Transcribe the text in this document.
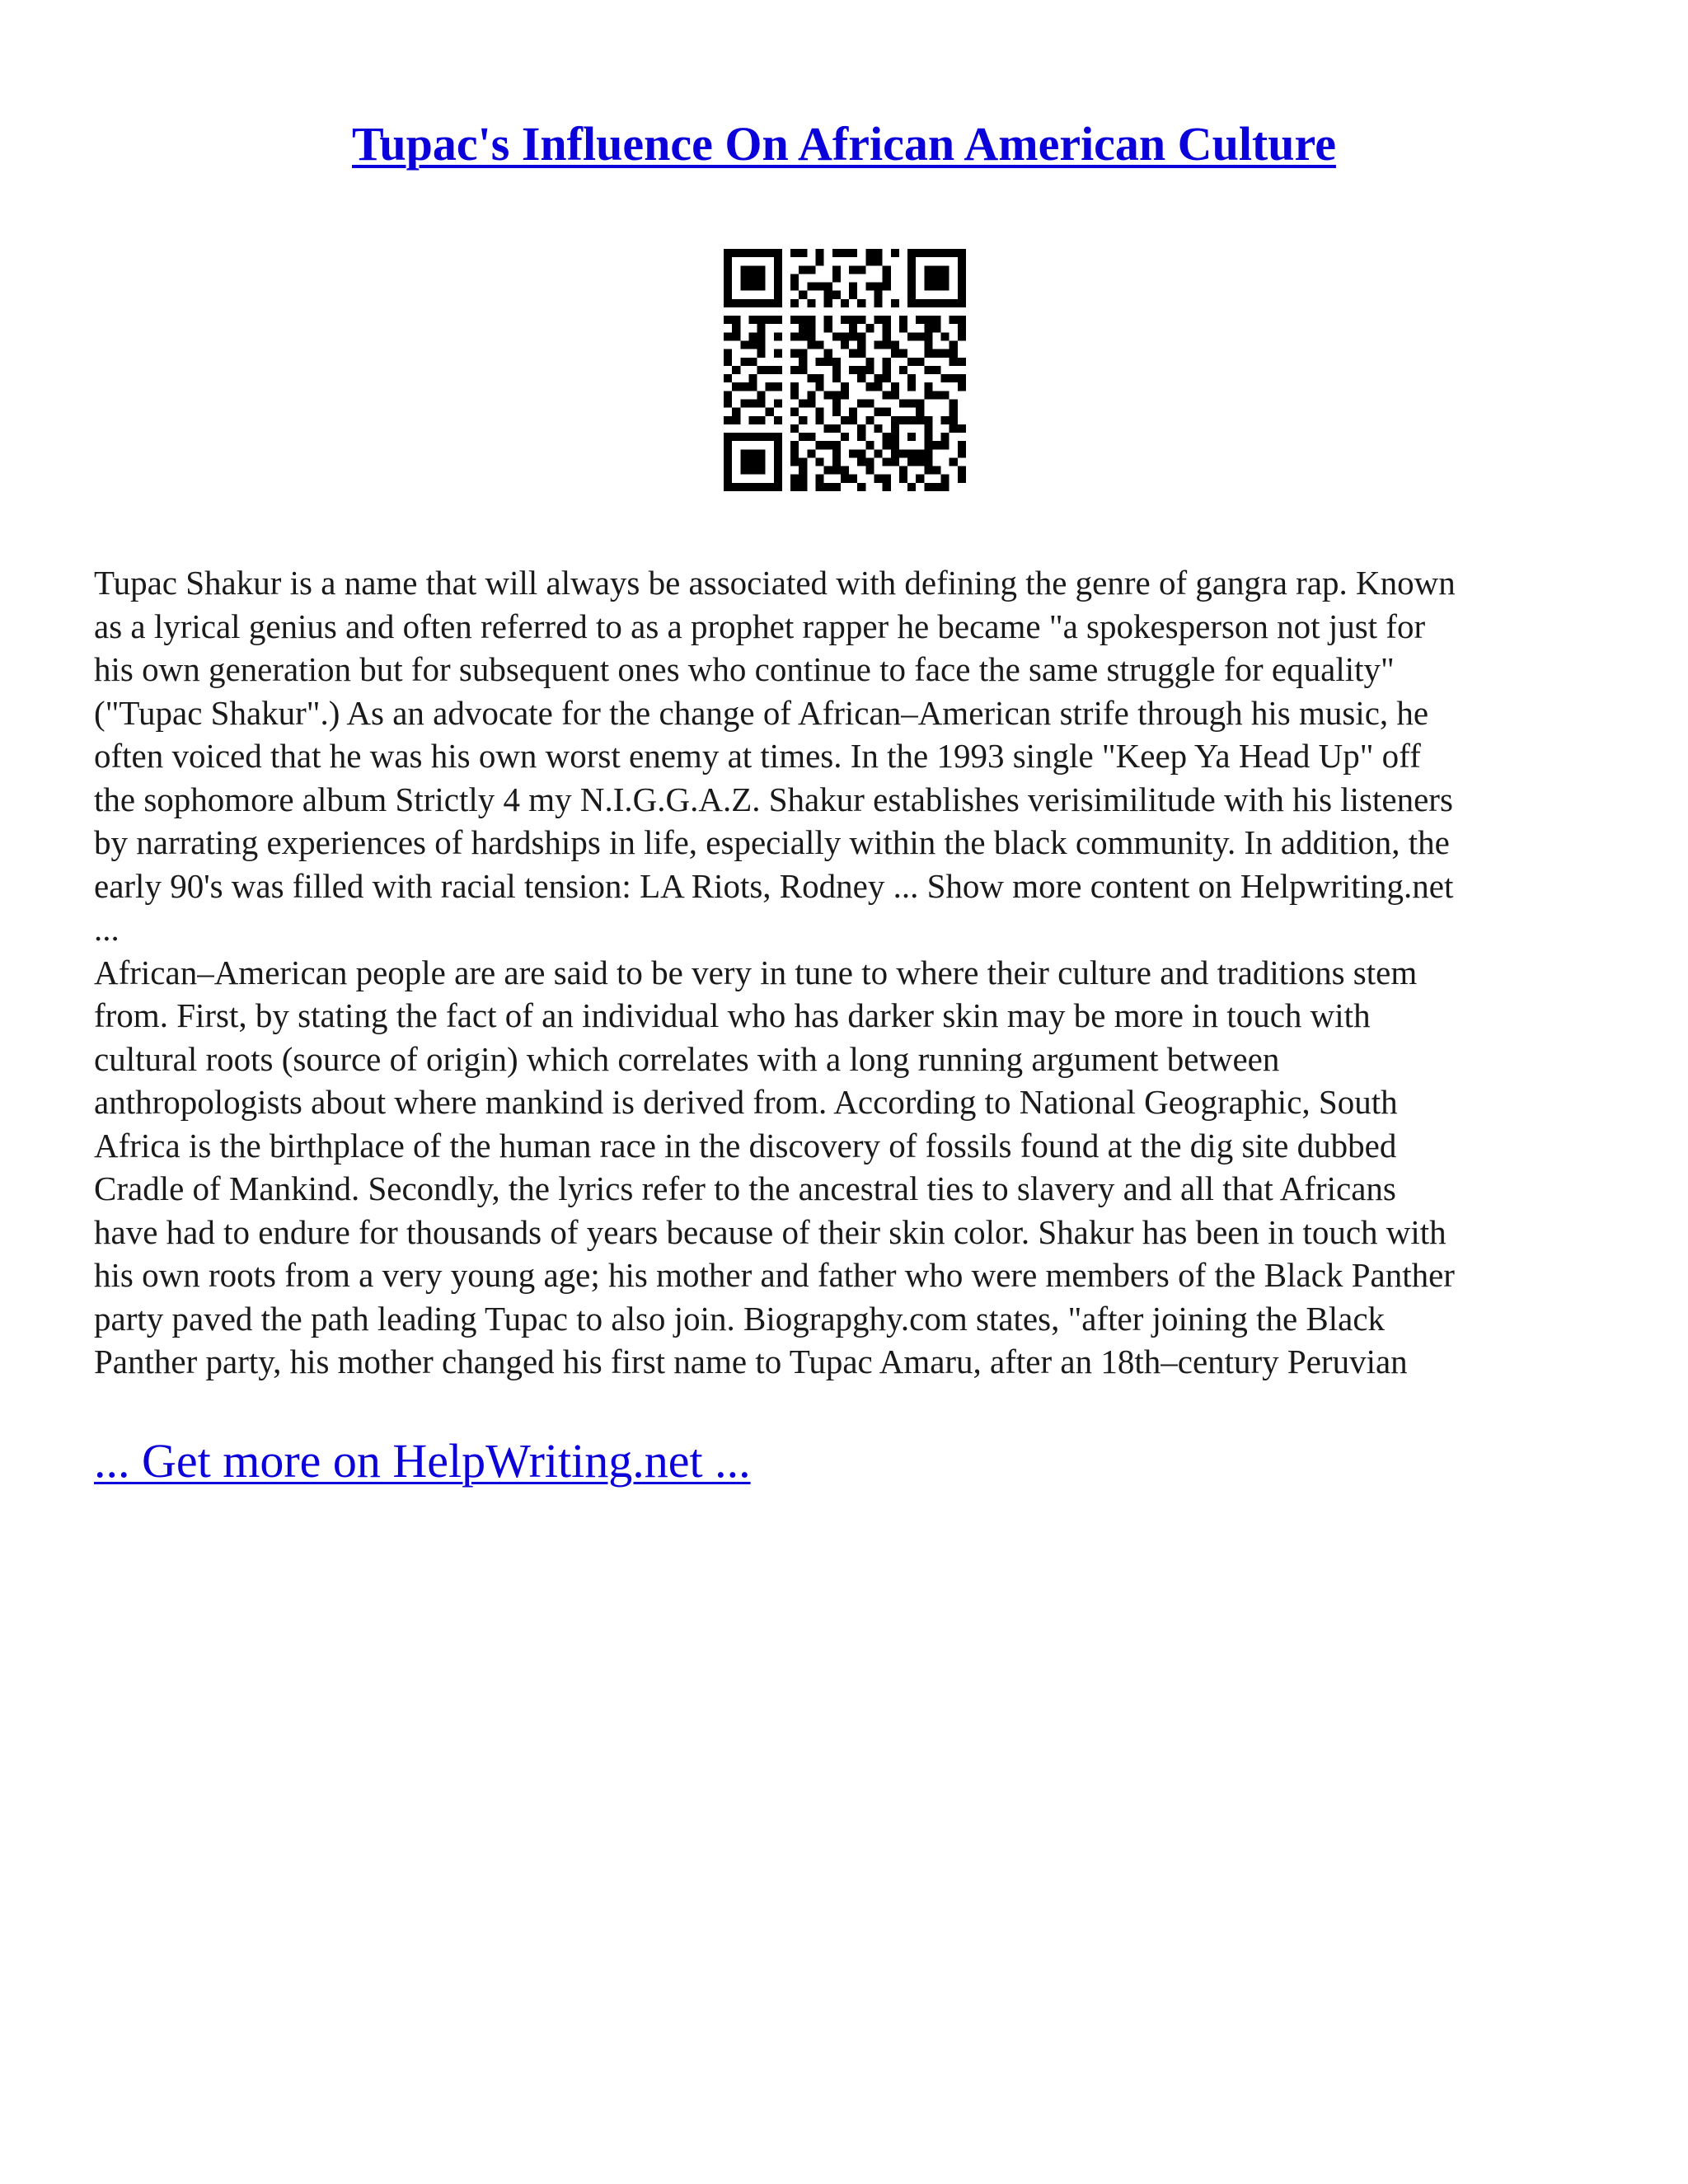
Tupac's Influence On African American Culture

Tupac Shakur is a name that will always be associated with defining the genre of gangra rap. Known
as a lyrical genius and often referred to as a prophet rapper he became "a spokesperson not just for
his own generation but for subsequent ones who continue to face the same struggle for equality"
("Tupac Shakur".) As an advocate for the change of African–American strife through his music, he
often voiced that he was his own worst enemy at times. In the 1993 single "Keep Ya Head Up" off
the sophomore album Strictly 4 my N.I.G.G.A.Z. Shakur establishes verisimilitude with his listeners
by narrating experiences of hardships in life, especially within the black community. In addition, the
early 90's was filled with racial tension: LA Riots, Rodney ... Show more content on Helpwriting.net
...

African–American people are are said to be very in tune to where their culture and traditions stem
from. First, by stating the fact of an individual who has darker skin may be more in touch with
cultural roots (source of origin) which correlates with a long running argument between
anthropologists about where mankind is derived from. According to National Geographic, South
Africa is the birthplace of the human race in the discovery of fossils found at the dig site dubbed
Cradle of Mankind. Secondly, the lyrics refer to the ancestral ties to slavery and all that Africans
have had to endure for thousands of years because of their skin color. Shakur has been in touch with
his own roots from a very young age; his mother and father who were members of the Black Panther
party paved the path leading Tupac to also join. Biograpghy.com states, "after joining the Black
Panther party, his mother changed his first name to Tupac Amaru, after an 18th–century Peruvian

... Get more on HelpWriting.net ...
